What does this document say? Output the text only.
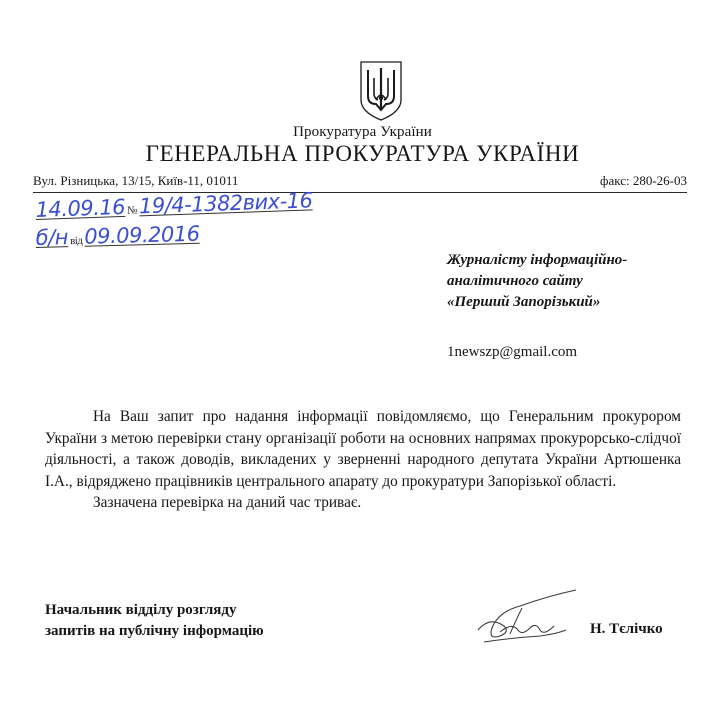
Прокуратура України
ГЕНЕРАЛЬНА ПРОКУРАТУРА УКРАЇНИ
Вул. Різницька, 13/15, Київ-11, 01011	факс: 280-26-03
14.09.16 №19/4-1382вих-16
б/н від09.09.2016
Журналісту інформаційно-
аналітичного сайту
«Перший Запорізький»
1newszp@gmail.com

На Ваш запит про надання інформації повідомляємо, що Генеральним прокурором України з метою перевірки стану організації роботи на основних напрямах прокурорсько-слідчої діяльності, а також доводів, викладених у зверненні народного депутата України Артюшенка І.А., відряджено працівників центрального апарату до прокуратури Запорізької області.

Зазначена перевірка на даний час триває.

Начальник відділу розгляду
запитів на публічну інформацію	Н. Тєлічко
